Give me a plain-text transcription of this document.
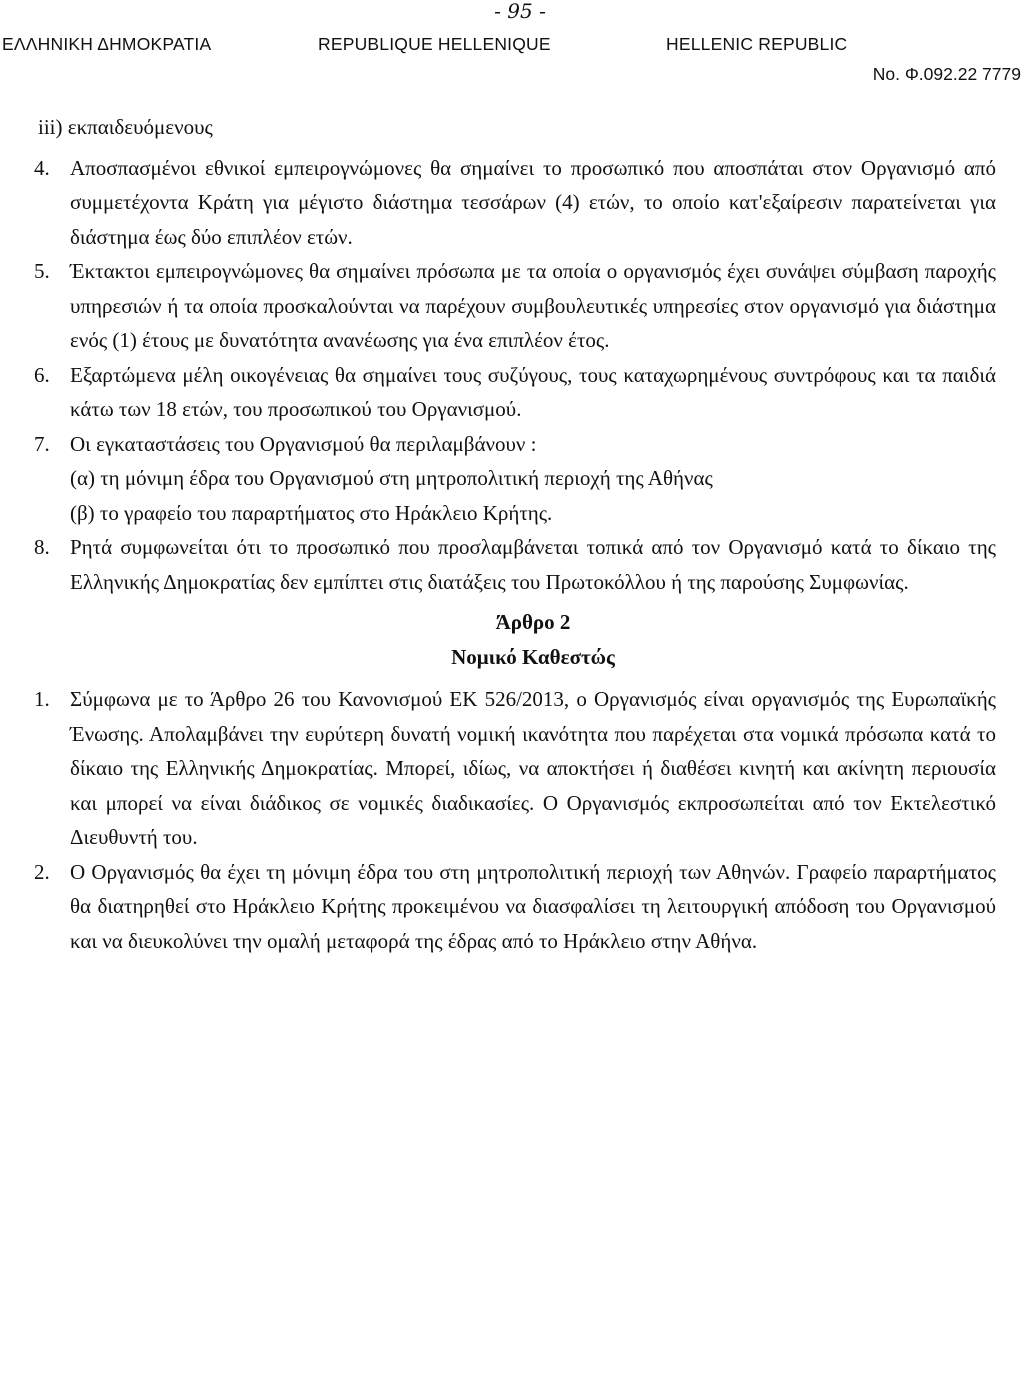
- 95 -
ΕΛΛΗΝΙΚΗ ΔΗΜΟΚΡΑΤΙΑ	REPUBLIQUE HELLENIQUE	HELLENIC REPUBLIC
No. Φ.092.22 7779
iii) εκπαιδευόμενους
4. Αποσπασμένοι εθνικοί εμπειρογνώμονες θα σημαίνει το προσωπικό που αποσπάται στον Οργανισμό από συμμετέχοντα Κράτη για μέγιστο διάστημα τεσσάρων (4) ετών, το οποίο κατ'εξαίρεσιν παρατείνεται για διάστημα έως δύο επιπλέον ετών.
5. Έκτακτοι εμπειρογνώμονες θα σημαίνει πρόσωπα με τα οποία ο οργανισμός έχει συνάψει σύμβαση παροχής υπηρεσιών ή τα οποία προσκαλούνται να παρέχουν συμβουλευτικές υπηρεσίες στον οργανισμό για διάστημα ενός (1) έτους με δυνατότητα ανανέωσης για ένα επιπλέον έτος.
6. Εξαρτώμενα μέλη οικογένειας θα σημαίνει τους συζύγους, τους καταχωρημένους συντρόφους και τα παιδιά κάτω των 18 ετών, του προσωπικού του Οργανισμού.
7. Οι εγκαταστάσεις του Οργανισμού θα περιλαμβάνουν :
(α) τη μόνιμη έδρα του Οργανισμού στη μητροπολιτική περιοχή της Αθήνας
(β) το γραφείο του παραρτήματος στο Ηράκλειο Κρήτης.
8. Ρητά συμφωνείται ότι το προσωπικό που προσλαμβάνεται τοπικά από τον Οργανισμό κατά το δίκαιο της Ελληνικής Δημοκρατίας δεν εμπίπτει στις διατάξεις του Πρωτοκόλλου ή της παρούσης Συμφωνίας.
Άρθρο 2
Νομικό Καθεστώς
1. Σύμφωνα με το Άρθρο 26 του Κανονισμού ΕΚ 526/2013, ο Οργανισμός είναι οργανισμός της Ευρωπαϊκής Ένωσης. Απολαμβάνει την ευρύτερη δυνατή νομική ικανότητα που παρέχεται στα νομικά πρόσωπα κατά το δίκαιο της Ελληνικής Δημοκρατίας. Μπορεί, ιδίως, να αποκτήσει ή διαθέσει κινητή και ακίνητη περιουσία και μπορεί να είναι διάδικος σε νομικές διαδικασίες. Ο Οργανισμός εκπροσωπείται από τον Εκτελεστικό Διευθυντή του.
2. Ο Οργανισμός θα έχει τη μόνιμη έδρα του στη μητροπολιτική περιοχή των Αθηνών. Γραφείο παραρτήματος θα διατηρηθεί στο Ηράκλειο Κρήτης προκειμένου να διασφαλίσει τη λειτουργική απόδοση του Οργανισμού και να διευκολύνει την ομαλή μεταφορά της έδρας από το Ηράκλειο στην Αθήνα.
